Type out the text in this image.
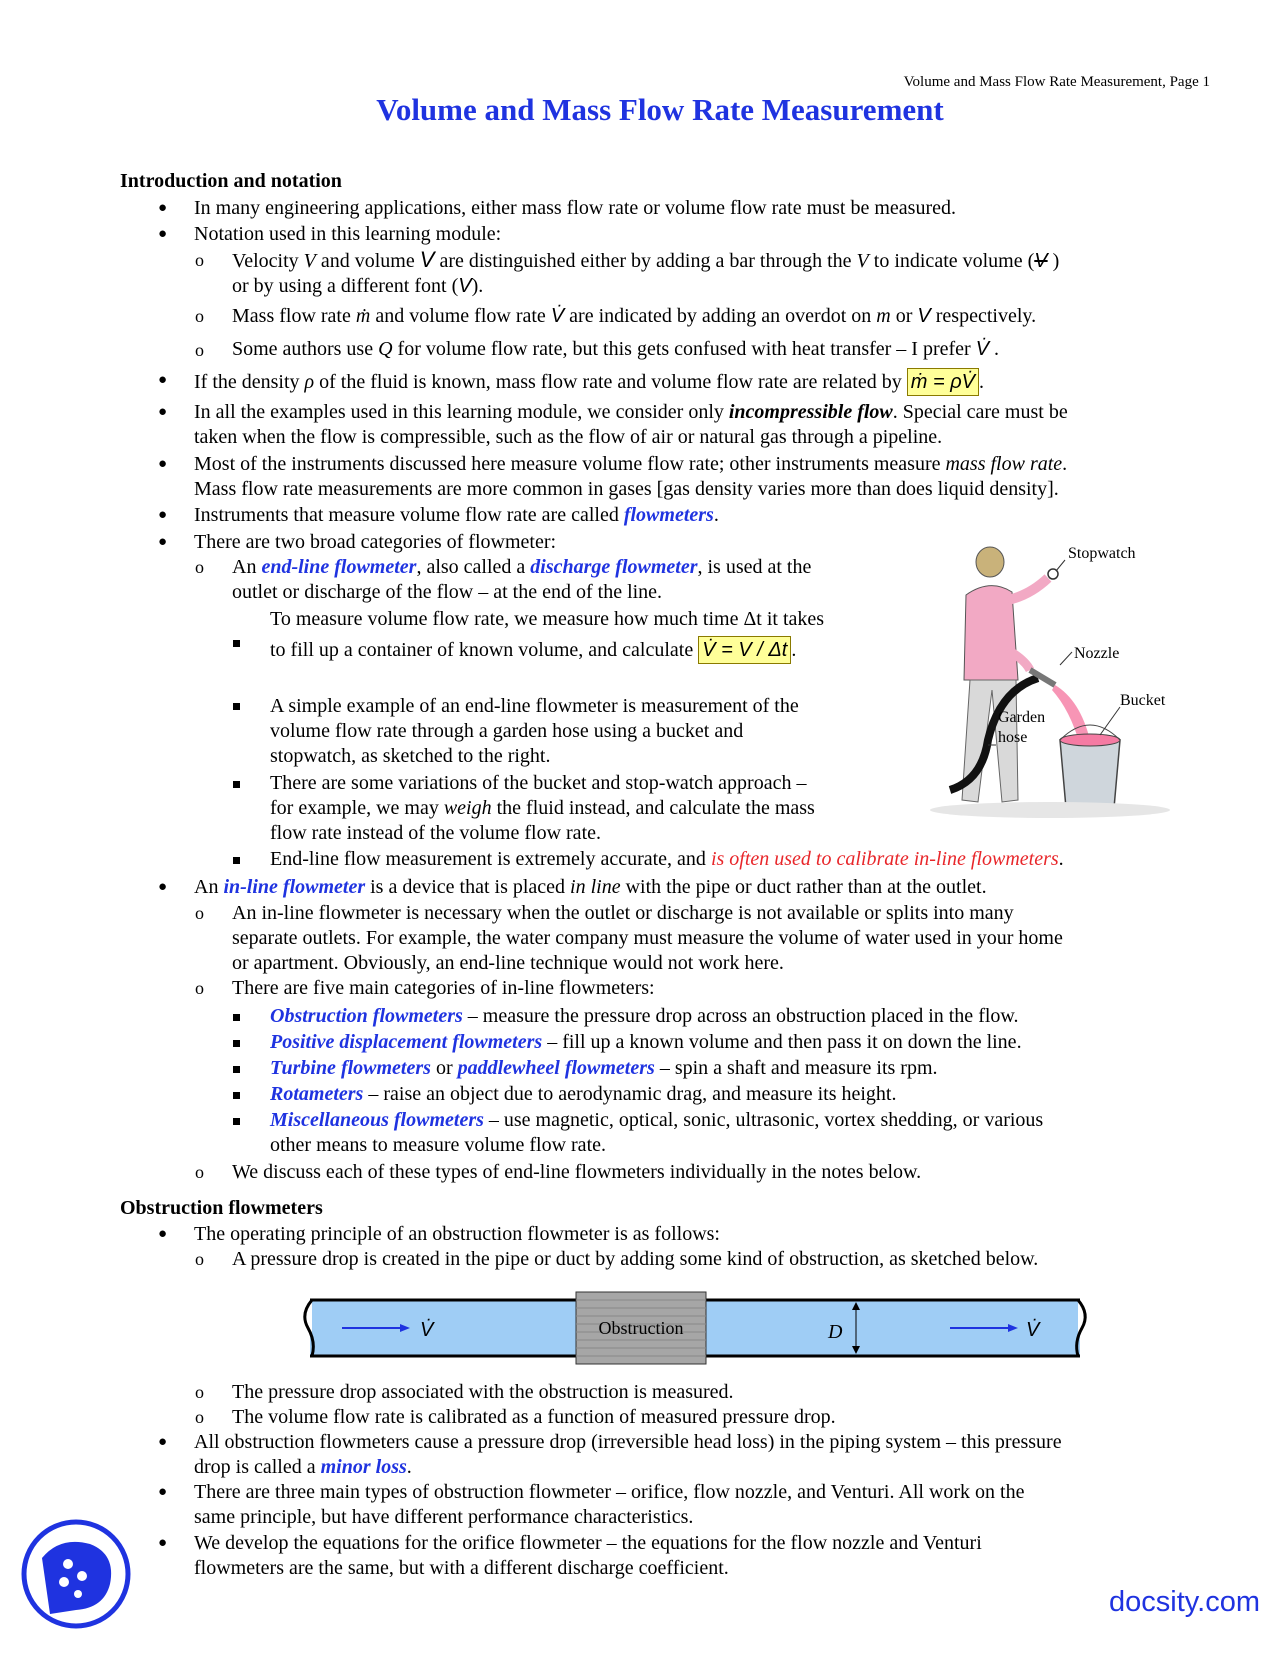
Volume and Mass Flow Rate Measurement, Page 1
Volume and Mass Flow Rate Measurement
Introduction and notation
● In many engineering applications, either mass flow rate or volume flow rate must be measured.
● Notation used in this learning module:
o Velocity V and volume V are distinguished either by adding a bar through the V to indicate volume (V )
or by using a different font (V).
o Mass flow rate ṁ and volume flow rate V̇ are indicated by adding an overdot on m or V respectively.
o Some authors use Q for volume flow rate, but this gets confused with heat transfer – I prefer V̇ .
● If the density ρ of the fluid is known, mass flow rate and volume flow rate are related by ṁ = ρV̇ .
● In all the examples used in this learning module, we consider only incompressible flow. Special care must be
taken when the flow is compressible, such as the flow of air or natural gas through a pipeline.
● Most of the instruments discussed here measure volume flow rate; other instruments measure mass flow rate.
Mass flow rate measurements are more common in gases [gas density varies more than does liquid density].
● Instruments that measure volume flow rate are called flowmeters.
● There are two broad categories of flowmeter:
o An end-line flowmeter, also called a discharge flowmeter, is used at the
outlet or discharge of the flow – at the end of the line.
To measure volume flow rate, we measure how much time Δt it takes
to fill up a container of known volume, and calculate V̇ = V / Δt .
A simple example of an end-line flowmeter is measurement of the
volume flow rate through a garden hose using a bucket and
stopwatch, as sketched to the right.
There are some variations of the bucket and stop-watch approach –
for example, we may weigh the fluid instead, and calculate the mass
flow rate instead of the volume flow rate.
End-line flow measurement is extremely accurate, and is often used to calibrate in-line flowmeters.
● An in-line flowmeter is a device that is placed in line with the pipe or duct rather than at the outlet.
o An in-line flowmeter is necessary when the outlet or discharge is not available or splits into many
separate outlets. For example, the water company must measure the volume of water used in your home
or apartment. Obviously, an end-line technique would not work here.
o There are five main categories of in-line flowmeters:
Obstruction flowmeters – measure the pressure drop across an obstruction placed in the flow.
Positive displacement flowmeters – fill up a known volume and then pass it on down the line.
Turbine flowmeters or paddlewheel flowmeters – spin a shaft and measure its rpm.
Rotameters – raise an object due to aerodynamic drag, and measure its height.
Miscellaneous flowmeters – use magnetic, optical, sonic, ultrasonic, vortex shedding, or various
other means to measure volume flow rate.
o We discuss each of these types of end-line flowmeters individually in the notes below.
Stopwatch
Nozzle
Bucket
Garden
hose
Obstruction flowmeters
● The operating principle of an obstruction flowmeter is as follows:
o A pressure drop is created in the pipe or duct by adding some kind of obstruction, as sketched below.
V̇	Obstruction	D	V̇
o The pressure drop associated with the obstruction is measured.
o The volume flow rate is calibrated as a function of measured pressure drop.
● All obstruction flowmeters cause a pressure drop (irreversible head loss) in the piping system – this pressure
drop is called a minor loss.
● There are three main types of obstruction flowmeter – orifice, flow nozzle, and Venturi. All work on the
same principle, but have different performance characteristics.
● We develop the equations for the orifice flowmeter – the equations for the flow nozzle and Venturi
flowmeters are the same, but with a different discharge coefficient.
docsity.com
